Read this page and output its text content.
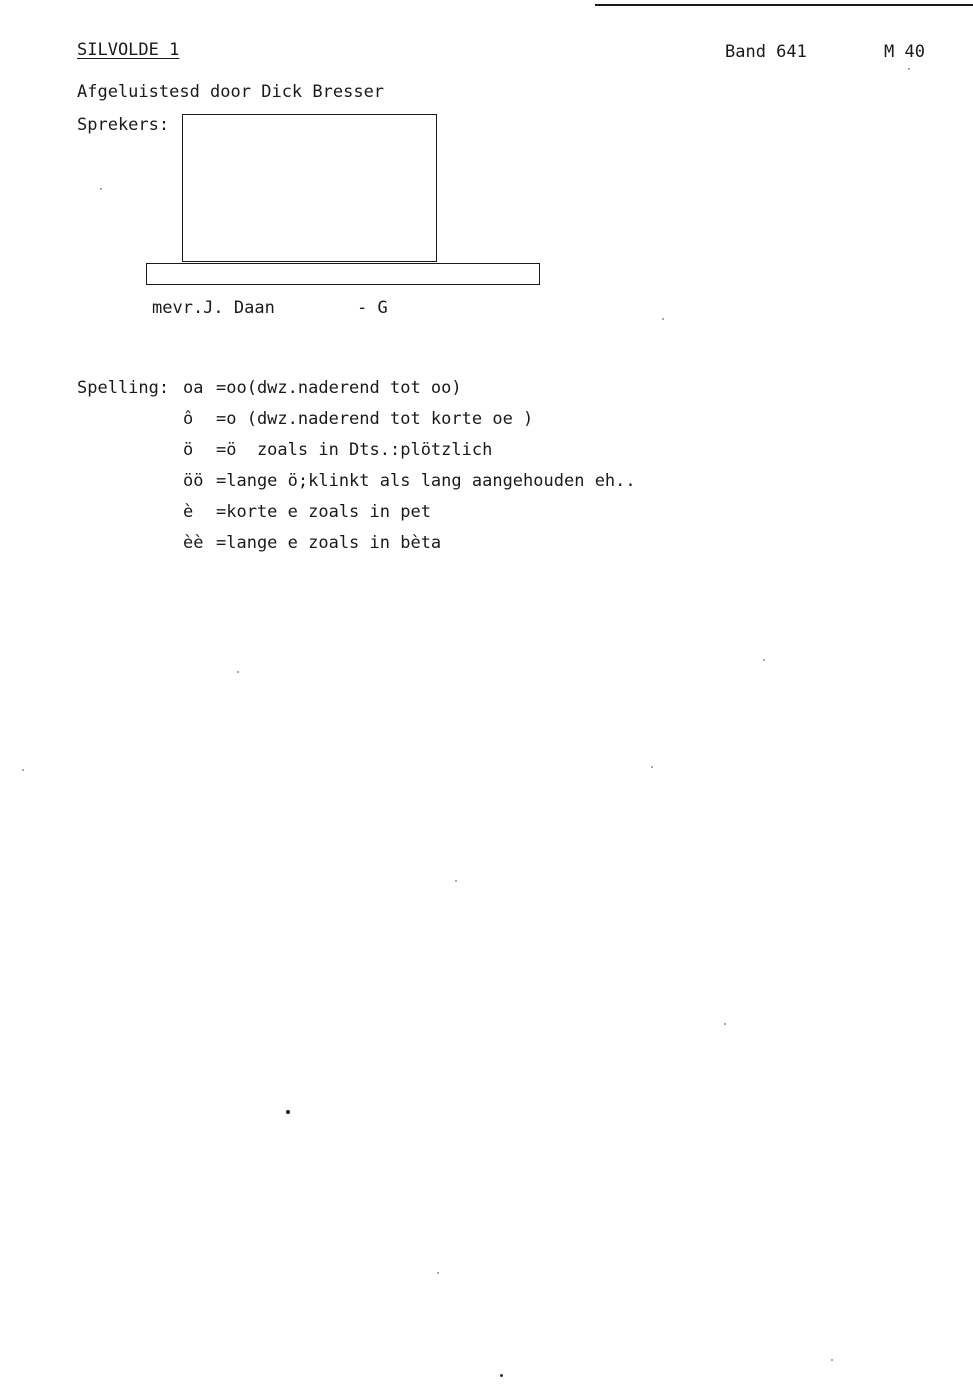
SILVOLDE 1	Band 641	M 40
Afgeluistesd door Dick Bresser
Sprekers:
mevr.J. Daan	- G
Spelling: oa =oo(dwz.naderend tot oo)
ô =o (dwz.naderend tot korte oe )
ö =ö  zoals in Dts.:plötzlich
öö =lange ö;klinkt als lang aangehouden eh..
è =korte e zoals in pet
èè =lange e zoals in bèta
